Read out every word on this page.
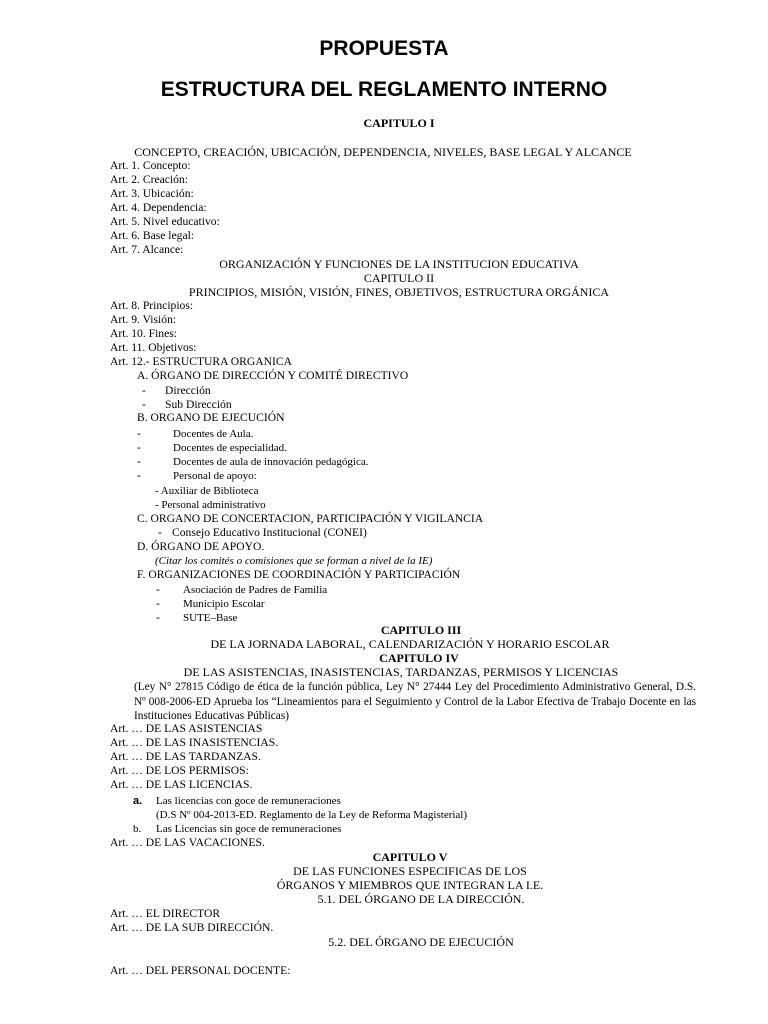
PROPUESTA
ESTRUCTURA DEL REGLAMENTO INTERNO
CAPITULO I
CONCEPTO, CREACIÓN, UBICACIÓN, DEPENDENCIA, NIVELES, BASE LEGAL Y ALCANCE
Art. 1. Concepto:
Art. 2. Creación:
Art. 3. Ubicación:
Art. 4. Dependencia:
Art. 5. Nivel educativo:
Art. 6. Base legal:
Art. 7. Alcance:
ORGANIZACIÓN Y FUNCIONES DE LA INSTITUCION EDUCATIVA
CAPITULO II
PRINCIPIOS, MISIÓN, VISIÓN, FINES, OBJETIVOS, ESTRUCTURA ORGÁNICA
Art. 8. Principios:
Art. 9. Visión:
Art. 10. Fines:
Art. 11. Objetivos:
Art. 12.- ESTRUCTURA ORGANICA
A. ÓRGANO DE DIRECCIÓN Y COMITÉ DIRECTIVO
- Dirección
- Sub Dirección
B. ORGANO DE EJECUCIÓN
-	Docentes de Aula.
-	Docentes de especialidad.
-	Docentes de aula de innovación pedagógica.
-	Personal de apoyo:
- Auxiliar de Biblioteca
- Personal administrativo
C. ORGANO DE CONCERTACION, PARTICIPACIÓN Y VIGILANCIA
- Consejo Educativo Institucional (CONEI)
D. ÓRGANO DE APOYO.
(Citar los comités o comisiones que se forman a nivel de la IE)
F. ORGANIZACIONES DE COORDINACIÓN Y PARTICIPACIÓN
- Asociación de Padres de Familia
- Municipio Escolar
- SUTE–Base
CAPITULO III
DE LA JORNADA LABORAL, CALENDARIZACIÓN Y HORARIO ESCOLAR
CAPITULO IV
DE LAS ASISTENCIAS, INASISTENCIAS, TARDANZAS, PERMISOS Y LICENCIAS
(Ley N° 27815 Código de ética de la función pública, Ley N° 27444 Ley del Procedimiento Administrativo General, D.S. Nº 008-2006-ED Aprueba los “Lineamientos para el Seguimiento y Control de la Labor Efectiva de Trabajo Docente en las Instituciones Educativas Públicas)
Art. … DE LAS ASISTENCIAS
Art. … DE LAS INASISTENCIAS.
Art. … DE LAS TARDANZAS.
Art. … DE LOS PERMISOS:
Art. … DE LAS LICENCIAS.
a. Las licencias con goce de remuneraciones
(D.S Nº 004-2013-ED. Reglamento de la Ley de Reforma Magisterial)
b. Las Licencias sin goce de remuneraciones
Art. … DE LAS VACACIONES.
CAPITULO V
DE LAS FUNCIONES ESPECIFICAS DE LOS
ÓRGANOS Y MIEMBROS QUE INTEGRAN LA I.E.
5.1. DEL ÓRGANO DE LA DIRECCIÓN.
Art. … EL DIRECTOR
Art. … DE LA SUB DIRECCIÓN.
5.2. DEL ÓRGANO DE EJECUCIÓN
Art. … DEL PERSONAL DOCENTE:
